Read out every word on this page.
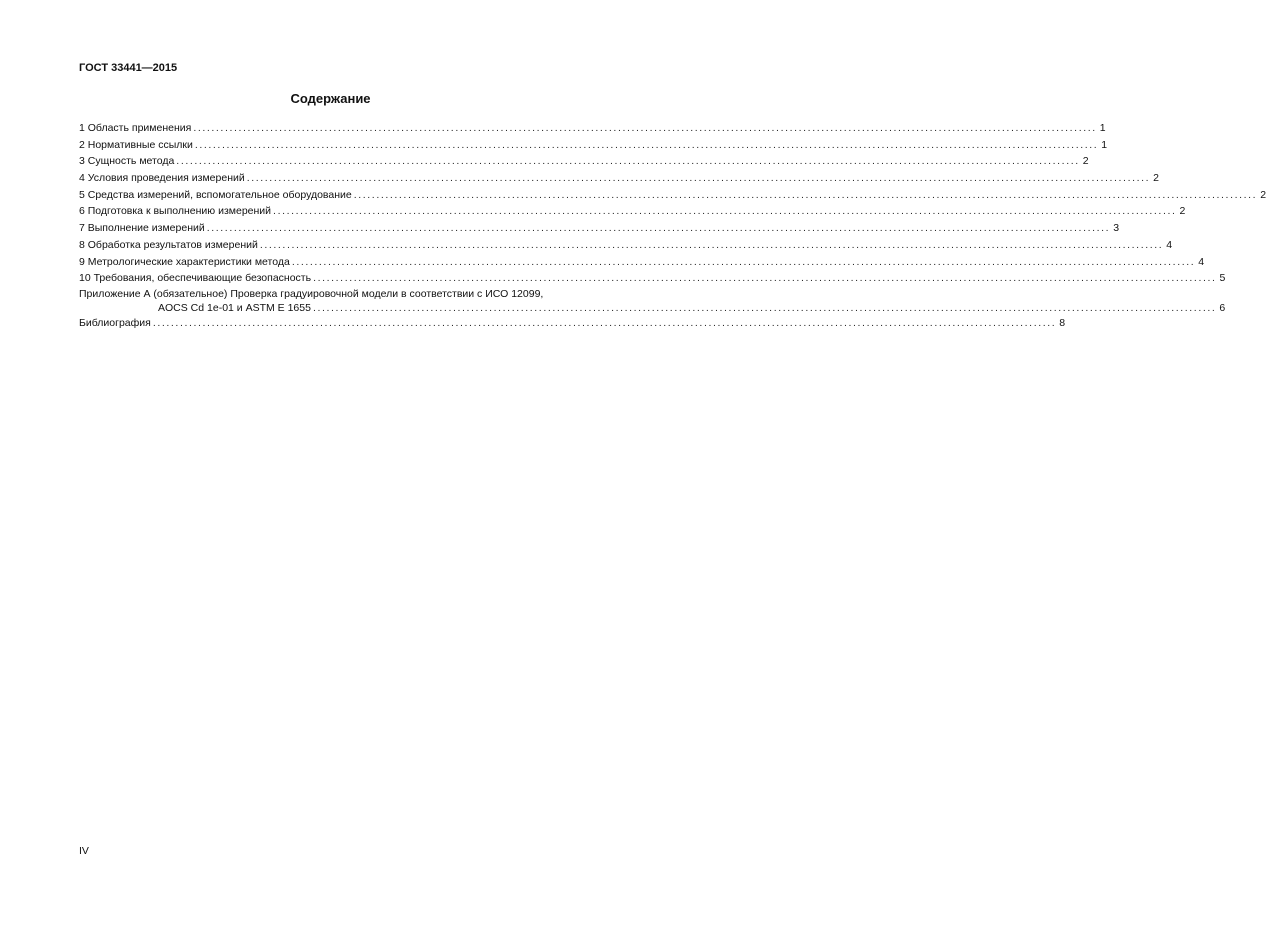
ГОСТ 33441—2015
Содержание
1 Область применения ........................................................................................................................................................................................................ 1
2 Нормативные ссылки ........................................................................................................................................................................................................ 1
3 Сущность метода ........................................................................................................................................................................................................ 2
4 Условия проведения измерений ........................................................................................................................................................................................................ 2
5 Средства измерений, вспомогательное оборудование ........................................................................................................................................................................................................ 2
6 Подготовка к выполнению измерений ........................................................................................................................................................................................................ 2
7 Выполнение измерений ........................................................................................................................................................................................................ 3
8 Обработка результатов измерений ........................................................................................................................................................................................................ 4
9 Метрологические характеристики метода ........................................................................................................................................................................................................ 4
10 Требования, обеспечивающие безопасность ........................................................................................................................................................................................................ 5
Приложение А (обязательное) Проверка градуировочной модели в соответствии с ИСО 12099,
AOCS Cd 1e-01 и ASTM E 1655 ........................................................................................................................................................................................................ 6
Библиография ........................................................................................................................................................................................................ 8
IV
